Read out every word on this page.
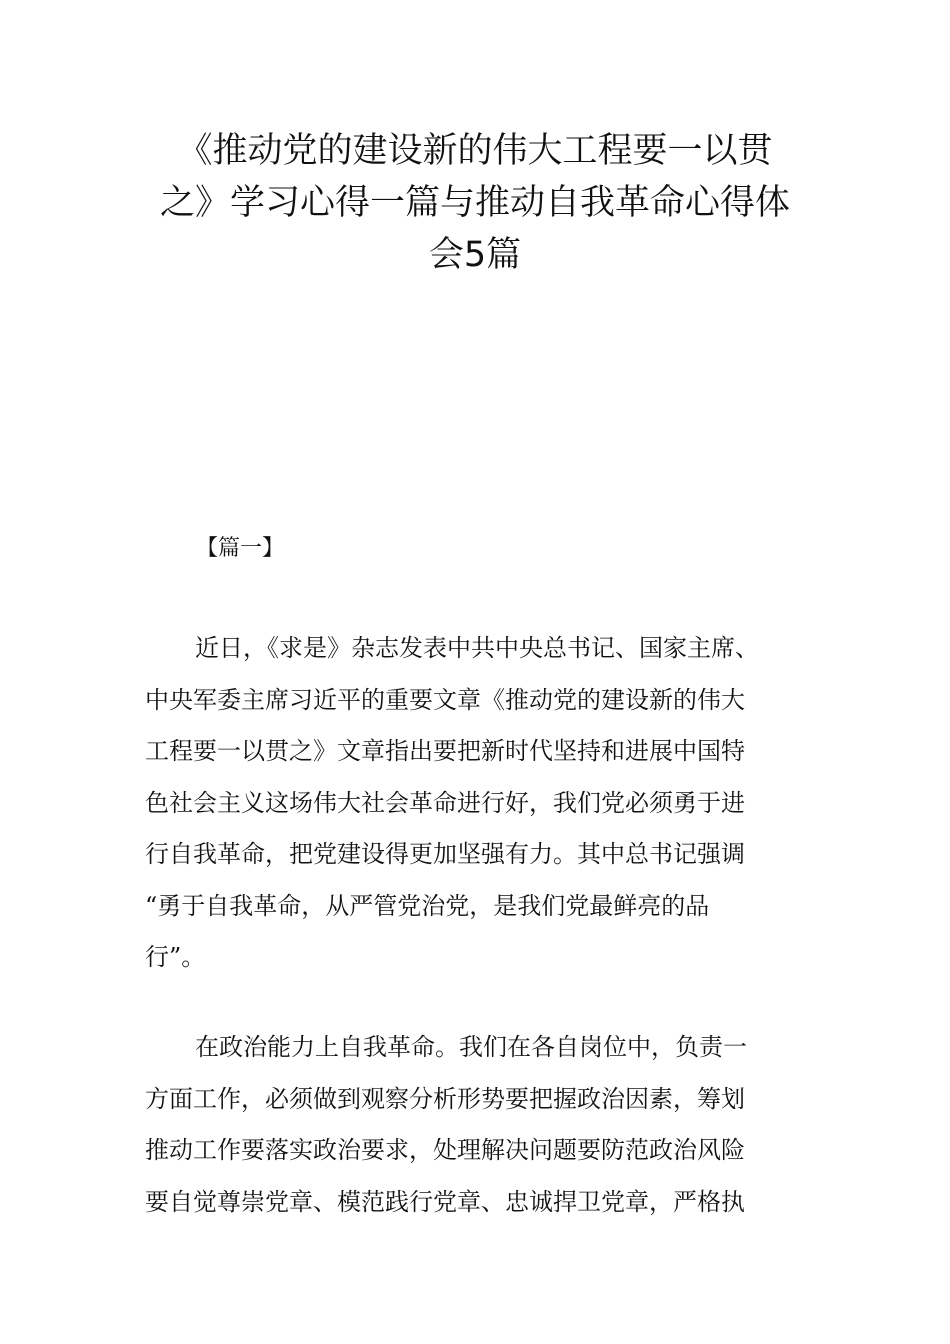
《推动党的建设新的伟大工程要一以贯
之》学习心得一篇与推动自我革命心得体
会5篇

【篇一】

近日，《求是》杂志发表中共中央总书记、国家主席、
中央军委主席习近平的重要文章《推动党的建设新的伟大
工程要一以贯之》文章指出要把新时代坚持和进展中国特
色社会主义这场伟大社会革命进行好，我们党必须勇于进
行自我革命，把党建设得更加坚强有力。其中总书记强调
“勇于自我革命，从严管党治党，是我们党最鲜亮的品
行”。
在政治能力上自我革命。我们在各自岗位中，负责一
方面工作，必须做到观察分析形势要把握政治因素，筹划
推动工作要落实政治要求，处理解决问题要防范政治风险
要自觉尊崇党章、模范践行党章、忠诚捍卫党章，严格执
